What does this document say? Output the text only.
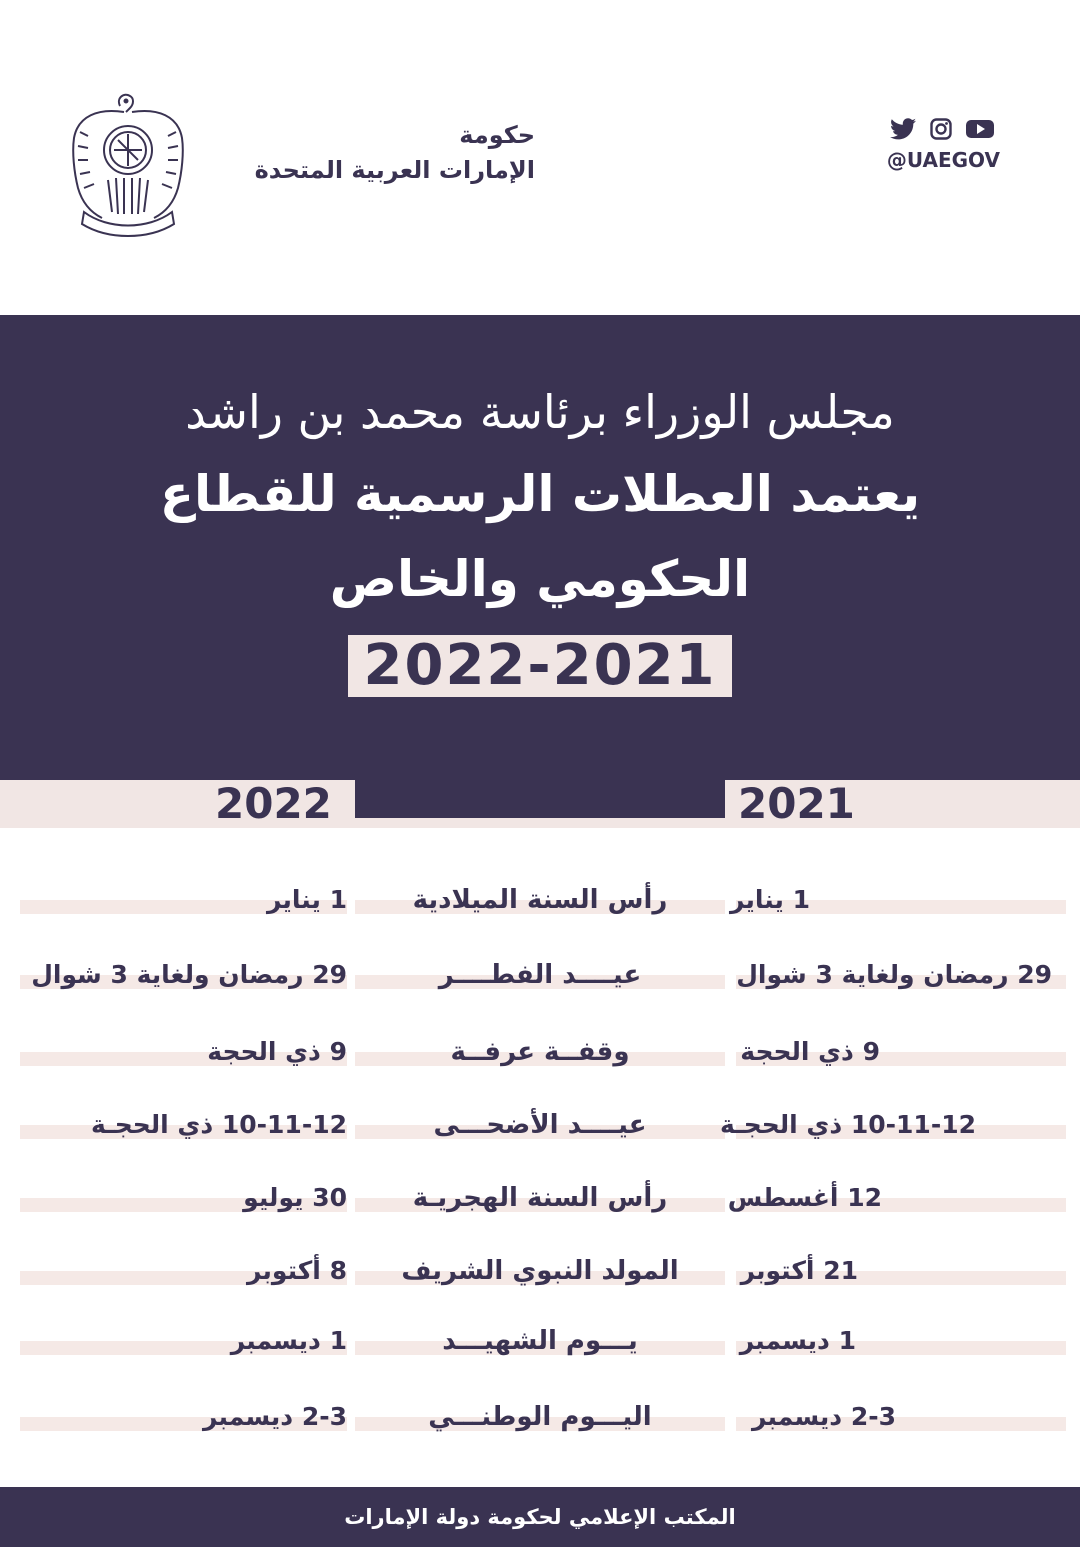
حكومة
الإمارات العربية المتحدة	@UAEGOV
مجلس الوزراء برئاسة محمد بن راشد
يعتمد العطلات الرسمية للقطاع
الحكومي والخاص
2022-2021
2022	2021
1 يناير
رأس السنة الميلادية
1 يناير
29 رمضان ولغاية 3 شوال
عيــــد الفطــــر
29 رمضان ولغاية 3 شوال
9 ذي الحجة
وقفــة عرفــة
9 ذي الحجة
10-11-12 ذي الحجـة
عيــــد الأضحـــى
10-11-12 ذي الحجـة
12 أغسطس
رأس السنة الهجريـة
30 يوليو
21 أكتوبر
المولد النبوي الشريف
8 أكتوبر
1 ديسمبر
يـــوم الشهيـــد
1 ديسمبر
2-3 ديسمبر
اليـــوم الوطنـــي
2-3 ديسمبر
المكتب الإعلامي لحكومة دولة الإمارات
